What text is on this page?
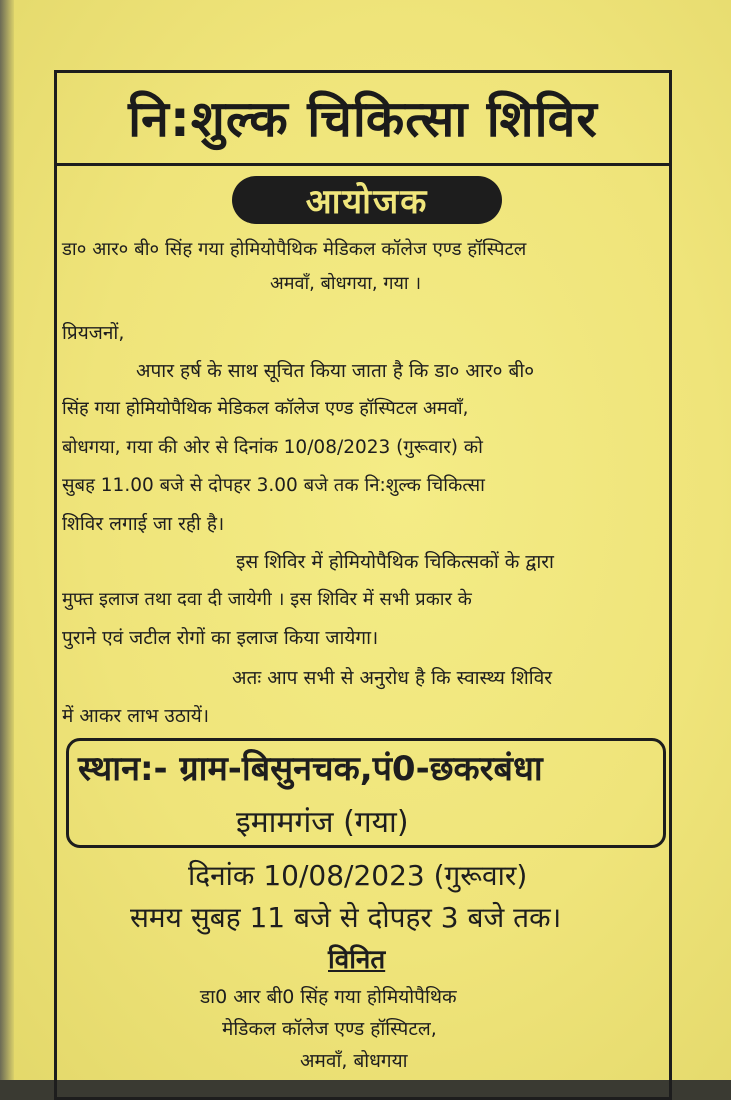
नि:शुल्क चिकित्सा शिविर
आयोजक
डा० आर० बी० सिंह गया होमियोपैथिक मेडिकल कॉलेज एण्ड हॉस्पिटल
अमवाँ, बोधगया, गया ।
प्रियजनों,
अपार हर्ष के साथ सूचित किया जाता है कि डा० आर० बी०
सिंह गया होमियोपैथिक मेडिकल कॉलेज एण्ड हॉस्पिटल अमवाँ,
बोधगया, गया की ओर से दिनांक 10/08/2023 (गुरूवार) को
सुबह 11.00 बजे से दोपहर 3.00 बजे तक नि:शुल्क चिकित्सा
शिविर लगाई जा रही है।
इस शिविर में होमियोपैथिक चिकित्सकों के द्वारा
मुफ्त इलाज तथा दवा दी जायेगी । इस शिविर में सभी प्रकार के
पुराने एवं जटील रोगों का इलाज किया जायेगा।
अतः आप सभी से अनुरोध है कि स्वास्थ्य शिविर
में आकर लाभ उठायें।
स्थान:- ग्राम-बिसुनचक,पं0-छकरबंधा
इमामगंज (गया)
दिनांक 10/08/2023 (गुरूवार)
समय सुबह 11 बजे से दोपहर 3 बजे तक।
विनित
डा0 आर बी0 सिंह गया होमियोपैथिक
मेडिकल कॉलेज एण्ड हॉस्पिटल,
अमवाँ, बोधगया
